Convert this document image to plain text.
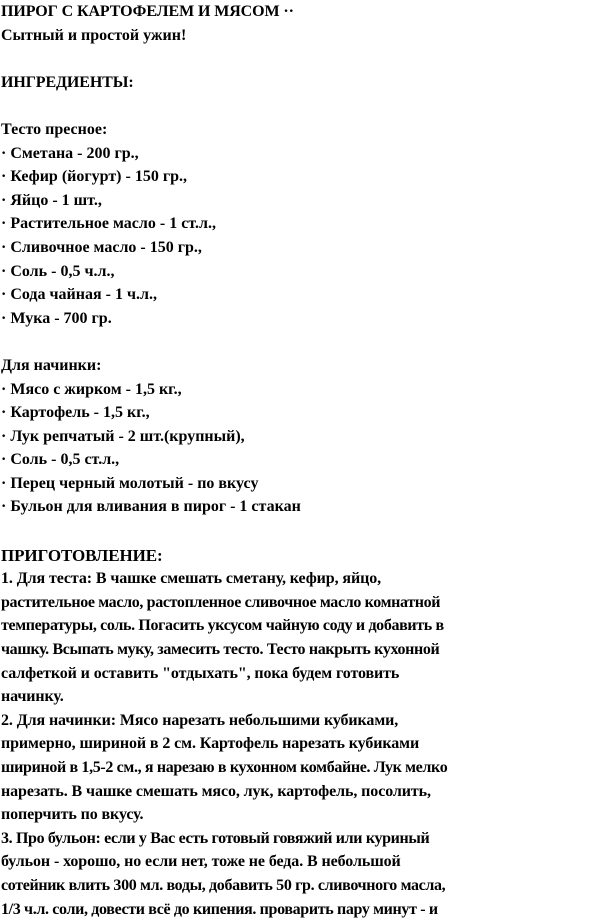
ПИРОГ С КАРТОФЕЛЕМ И МЯСОМ ··
Сытный и простой ужин!
ИНГРЕДИЕНТЫ:
Тесто пресное:
· Сметана - 200 гр.,
· Кефир (йогурт) - 150 гр.,
· Яйцо - 1 шт.,
· Растительное масло - 1 ст.л.,
· Сливочное масло - 150 гр.,
· Соль - 0,5 ч.л.,
· Сода чайная - 1 ч.л.,
· Мука - 700 гр.
Для начинки:
· Мясо с жирком - 1,5 кг.,
· Картофель - 1,5 кг.,
· Лук репчатый - 2 шт.(крупный),
· Соль - 0,5 ст.л.,
· Перец черный молотый - по вкусу
· Бульон для вливания в пирог - 1 стакан
ПРИГОТОВЛЕНИЕ:
1. Для теста: В чашке смешать сметану, кефир, яйцо,
растительное масло, растопленное сливочное масло комнатной
температуры, соль. Погасить уксусом чайную соду и добавить в
чашку. Всыпать муку, замесить тесто. Тесто накрыть кухонной
салфеткой и оставить "отдыхать", пока будем готовить
начинку.
2. Для начинки: Мясо нарезать небольшими кубиками,
примерно, шириной в 2 см. Картофель нарезать кубиками
шириной в 1,5-2 см., я нарезаю в кухонном комбайне. Лук мелко
нарезать. В чашке смешать мясо, лук, картофель, посолить,
поперчить по вкусу.
3. Про бульон: если у Вас есть готовый говяжий или куриный
бульон - хорошо, но если нет, тоже не беда. В небольшой
сотейник влить 300 мл. воды, добавить 50 гр. сливочного масла,
1/3 ч.л. соли, довести всё до кипения. проварить пару минут - и
